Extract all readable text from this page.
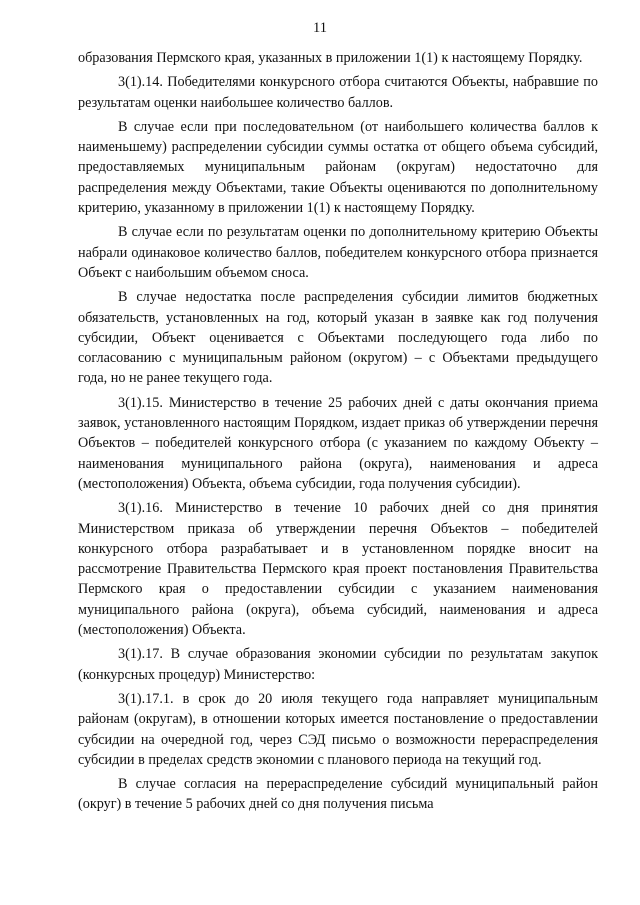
11

образования Пермского края, указанных в приложении 1(1) к настоящему Порядку.

3(1).14. Победителями конкурсного отбора считаются Объекты, набравшие по результатам оценки наибольшее количество баллов.

В случае если при последовательном (от наибольшего количества баллов к наименьшему) распределении субсидии суммы остатка от общего объема субсидий, предоставляемых муниципальным районам (округам) недостаточно для распределения между Объектами, такие Объекты оцениваются по дополнительному критерию, указанному в приложении 1(1) к настоящему Порядку.

В случае если по результатам оценки по дополнительному критерию Объекты набрали одинаковое количество баллов, победителем конкурсного отбора признается Объект с наибольшим объемом сноса.

В случае недостатка после распределения субсидии лимитов бюджетных обязательств, установленных на год, который указан в заявке как год получения субсидии, Объект оценивается с Объектами последующего года либо по согласованию с муниципальным районом (округом) – с Объектами предыдущего года, но не ранее текущего года.

3(1).15. Министерство в течение 25 рабочих дней с даты окончания приема заявок, установленного настоящим Порядком, издает приказ об утверждении перечня Объектов – победителей конкурсного отбора (с указанием по каждому Объекту – наименования муниципального района (округа), наименования и адреса (местоположения) Объекта, объема субсидии, года получения субсидии).

3(1).16. Министерство в течение 10 рабочих дней со дня принятия Министерством приказа об утверждении перечня Объектов – победителей конкурсного отбора разрабатывает и в установленном порядке вносит на рассмотрение Правительства Пермского края проект постановления Правительства Пермского края о предоставлении субсидии с указанием наименования муниципального района (округа), объема субсидий, наименования и адреса (местоположения) Объекта.

3(1).17. В случае образования экономии субсидии по результатам закупок (конкурсных процедур) Министерство:

3(1).17.1. в срок до 20 июля текущего года направляет муниципальным районам (округам), в отношении которых имеется постановление о предоставлении субсидии на очередной год, через СЭД письмо о возможности перераспределения субсидии в пределах средств экономии с планового периода на текущий год.

В случае согласия на перераспределение субсидий муниципальный район (округ) в течение 5 рабочих дней со дня получения письма
